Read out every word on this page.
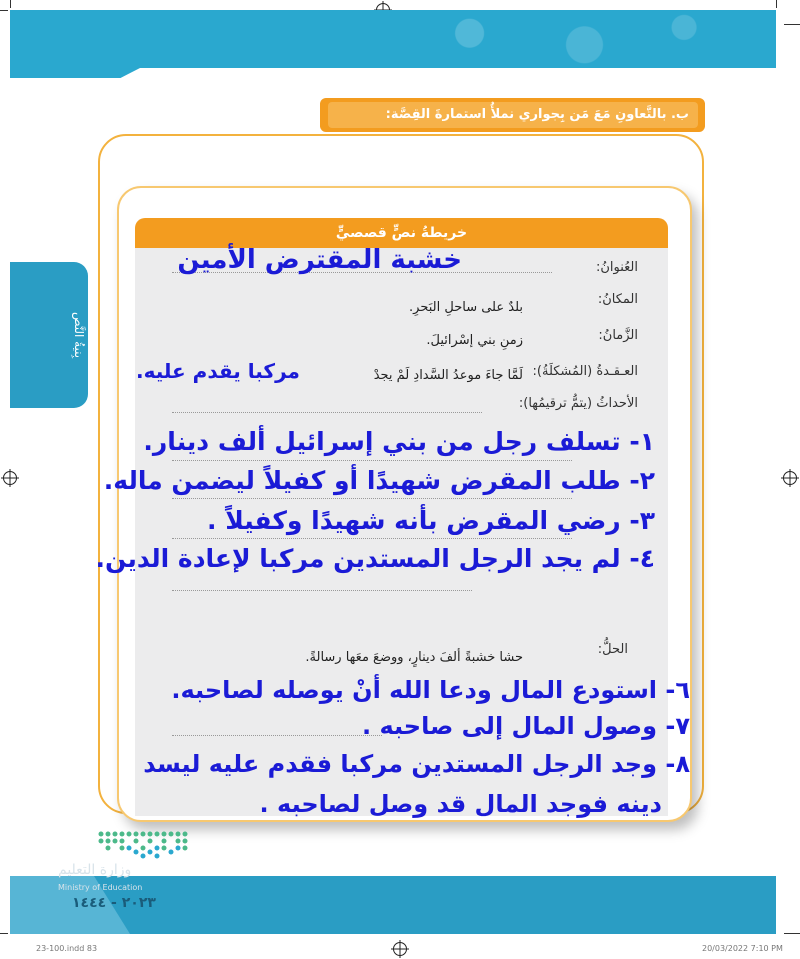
بِنيةُ النَّص
ب. بالتَّعاونِ مَعَ مَن بِجواري نملأُ استمارةَ القِصَّة:
خريطةُ نصٍّ قصصيٍّ
العُنوانُ:
خشبة المقترض الأمين
المكانُ:
بلدٌ على ساحلِ البَحرِ.
الزَّمانُ:
زمنِ بني إسْرائيلَ.
العـقـدةُ (المُشكلَةُ):
لَمَّا جاءَ موعدُ السَّدادِ لَمْ يجدْ
مركبا يقدم عليه.
الأحداثُ (يتمُّ ترقيمُها):
١- تسلف رجل من بني إسرائيل ألف دينار.
٢- طلب المقرض شهيدًا أو كفيلاً ليضمن ماله.
٣- رضي المقرض بأنه شهيدًا وكفيلاً .
٤- لم يجد الرجل المستدين مركبا لإعادة الدين.
الحلُّ:
حشا خشبةً ألفَ دينارٍ، ووضعَ معَها رسالةً.
٦- استودع المال ودعا الله أنْ يوصله لصاحبه.
٧- وصول المال إلى صاحبه .
٨- وجد الرجل المستدين مركبا فقدم عليه ليسد
دينه فوجد المال قد وصل لصاحبه .
وزارة التعليم
Ministry of Education
٢٠٢٣ - ١٤٤٤
23-100.indd 83	20/03/2022 7:10 PM
